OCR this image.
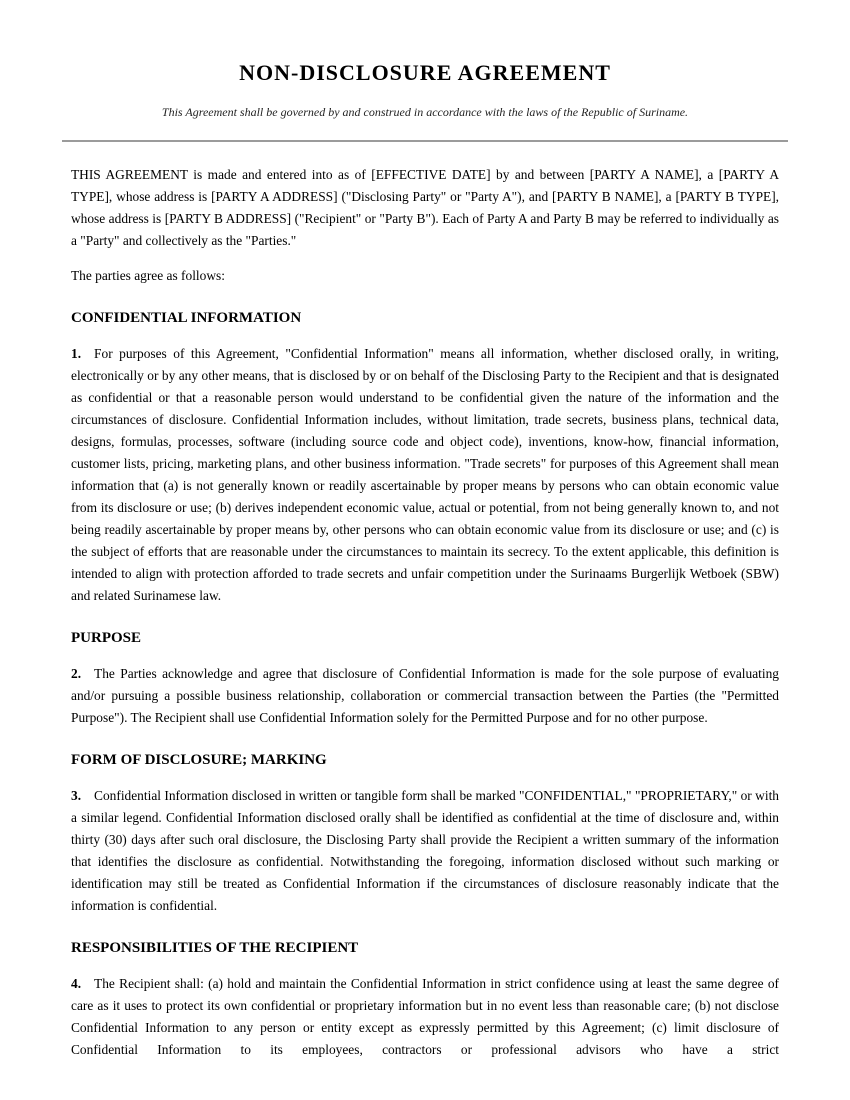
NON-DISCLOSURE AGREEMENT

This Agreement shall be governed by and construed in accordance with the laws of the Republic of Suriname.

THIS AGREEMENT is made and entered into as of [EFFECTIVE DATE] by and between [PARTY A NAME], a [PARTY A TYPE], whose address is [PARTY A ADDRESS] ("Disclosing Party" or "Party A"), and [PARTY B NAME], a [PARTY B TYPE], whose address is [PARTY B ADDRESS] ("Recipient" or "Party B"). Each of Party A and Party B may be referred to individually as a "Party" and collectively as the "Parties."

The parties agree as follows:

CONFIDENTIAL INFORMATION

1. For purposes of this Agreement, "Confidential Information" means all information, whether disclosed orally, in writing, electronically or by any other means, that is disclosed by or on behalf of the Disclosing Party to the Recipient and that is designated as confidential or that a reasonable person would understand to be confidential given the nature of the information and the circumstances of disclosure. Confidential Information includes, without limitation, trade secrets, business plans, technical data, designs, formulas, processes, software (including source code and object code), inventions, know-how, financial information, customer lists, pricing, marketing plans, and other business information. "Trade secrets" for purposes of this Agreement shall mean information that (a) is not generally known or readily ascertainable by proper means by persons who can obtain economic value from its disclosure or use; (b) derives independent economic value, actual or potential, from not being generally known to, and not being readily ascertainable by proper means by, other persons who can obtain economic value from its disclosure or use; and (c) is the subject of efforts that are reasonable under the circumstances to maintain its secrecy. To the extent applicable, this definition is intended to align with protection afforded to trade secrets and unfair competition under the Surinaams Burgerlijk Wetboek (SBW) and related Surinamese law.

PURPOSE

2. The Parties acknowledge and agree that disclosure of Confidential Information is made for the sole purpose of evaluating and/or pursuing a possible business relationship, collaboration or commercial transaction between the Parties (the "Permitted Purpose"). The Recipient shall use Confidential Information solely for the Permitted Purpose and for no other purpose.

FORM OF DISCLOSURE; MARKING

3. Confidential Information disclosed in written or tangible form shall be marked "CONFIDENTIAL," "PROPRIETARY," or with a similar legend. Confidential Information disclosed orally shall be identified as confidential at the time of disclosure and, within thirty (30) days after such oral disclosure, the Disclosing Party shall provide the Recipient a written summary of the information that identifies the disclosure as confidential. Notwithstanding the foregoing, information disclosed without such marking or identification may still be treated as Confidential Information if the circumstances of disclosure reasonably indicate that the information is confidential.

RESPONSIBILITIES OF THE RECIPIENT

4. The Recipient shall: (a) hold and maintain the Confidential Information in strict confidence using at least the same degree of care as it uses to protect its own confidential or proprietary information but in no event less than reasonable care; (b) not disclose Confidential Information to any person or entity except as expressly permitted by this Agreement; (c) limit disclosure of Confidential Information to its employees, contractors or professional advisors who have a strict
